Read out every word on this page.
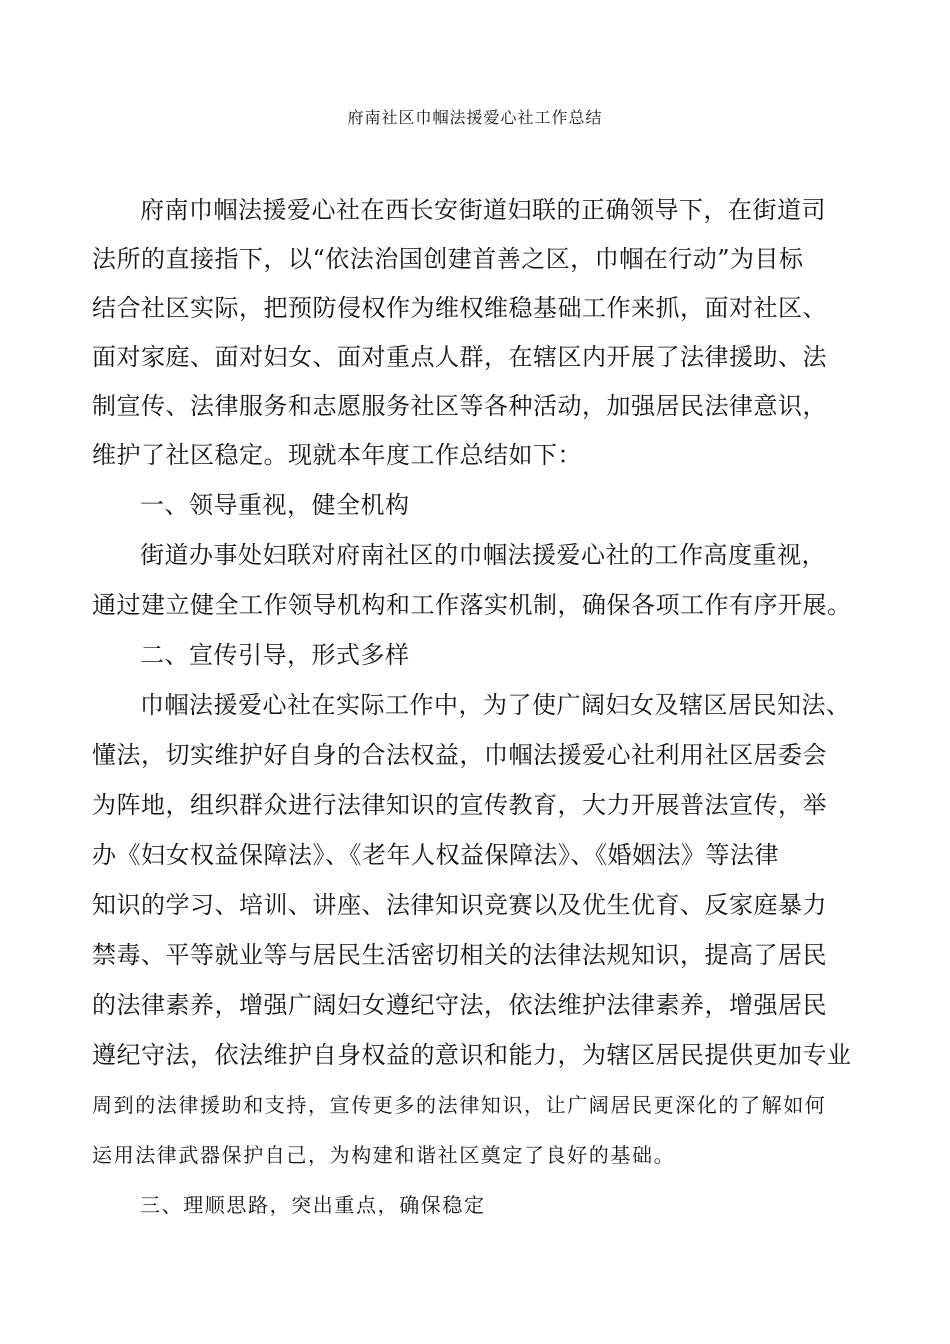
府南社区巾帼法援爱心社工作总结
府南巾帼法援爱心社在西长安街道妇联的正确领导下，在街道司
法所的直接指下，以“依法治国创建首善之区，巾帼在行动”为目标
结合社区实际，把预防侵权作为维权维稳基础工作来抓，面对社区、
面对家庭、面对妇女、面对重点人群，在辖区内开展了法律援助、法
制宣传、法律服务和志愿服务社区等各种活动，加强居民法律意识，
维护了社区稳定。现就本年度工作总结如下：
一、领导重视，健全机构
街道办事处妇联对府南社区的巾帼法援爱心社的工作高度重视，
通过建立健全工作领导机构和工作落实机制，确保各项工作有序开展。
二、宣传引导，形式多样
巾帼法援爱心社在实际工作中，为了使广阔妇女及辖区居民知法、
懂法，切实维护好自身的合法权益，巾帼法援爱心社利用社区居委会
为阵地，组织群众进行法律知识的宣传教育，大力开展普法宣传，举
办《妇女权益保障法》、《老年人权益保障法》、《婚姻法》等法律
知识的学习、培训、讲座、法律知识竞赛以及优生优育、反家庭暴力
禁毒、平等就业等与居民生活密切相关的法律法规知识，提高了居民
的法律素养，增强广阔妇女遵纪守法，依法维护法律素养，增强居民
遵纪守法，依法维护自身权益的意识和能力，为辖区居民提供更加专业
周到的法律援助和支持，宣传更多的法律知识，让广阔居民更深化的了解如何
运用法律武器保护自己，为构建和谐社区奠定了良好的基础。
三、理顺思路，突出重点，确保稳定
